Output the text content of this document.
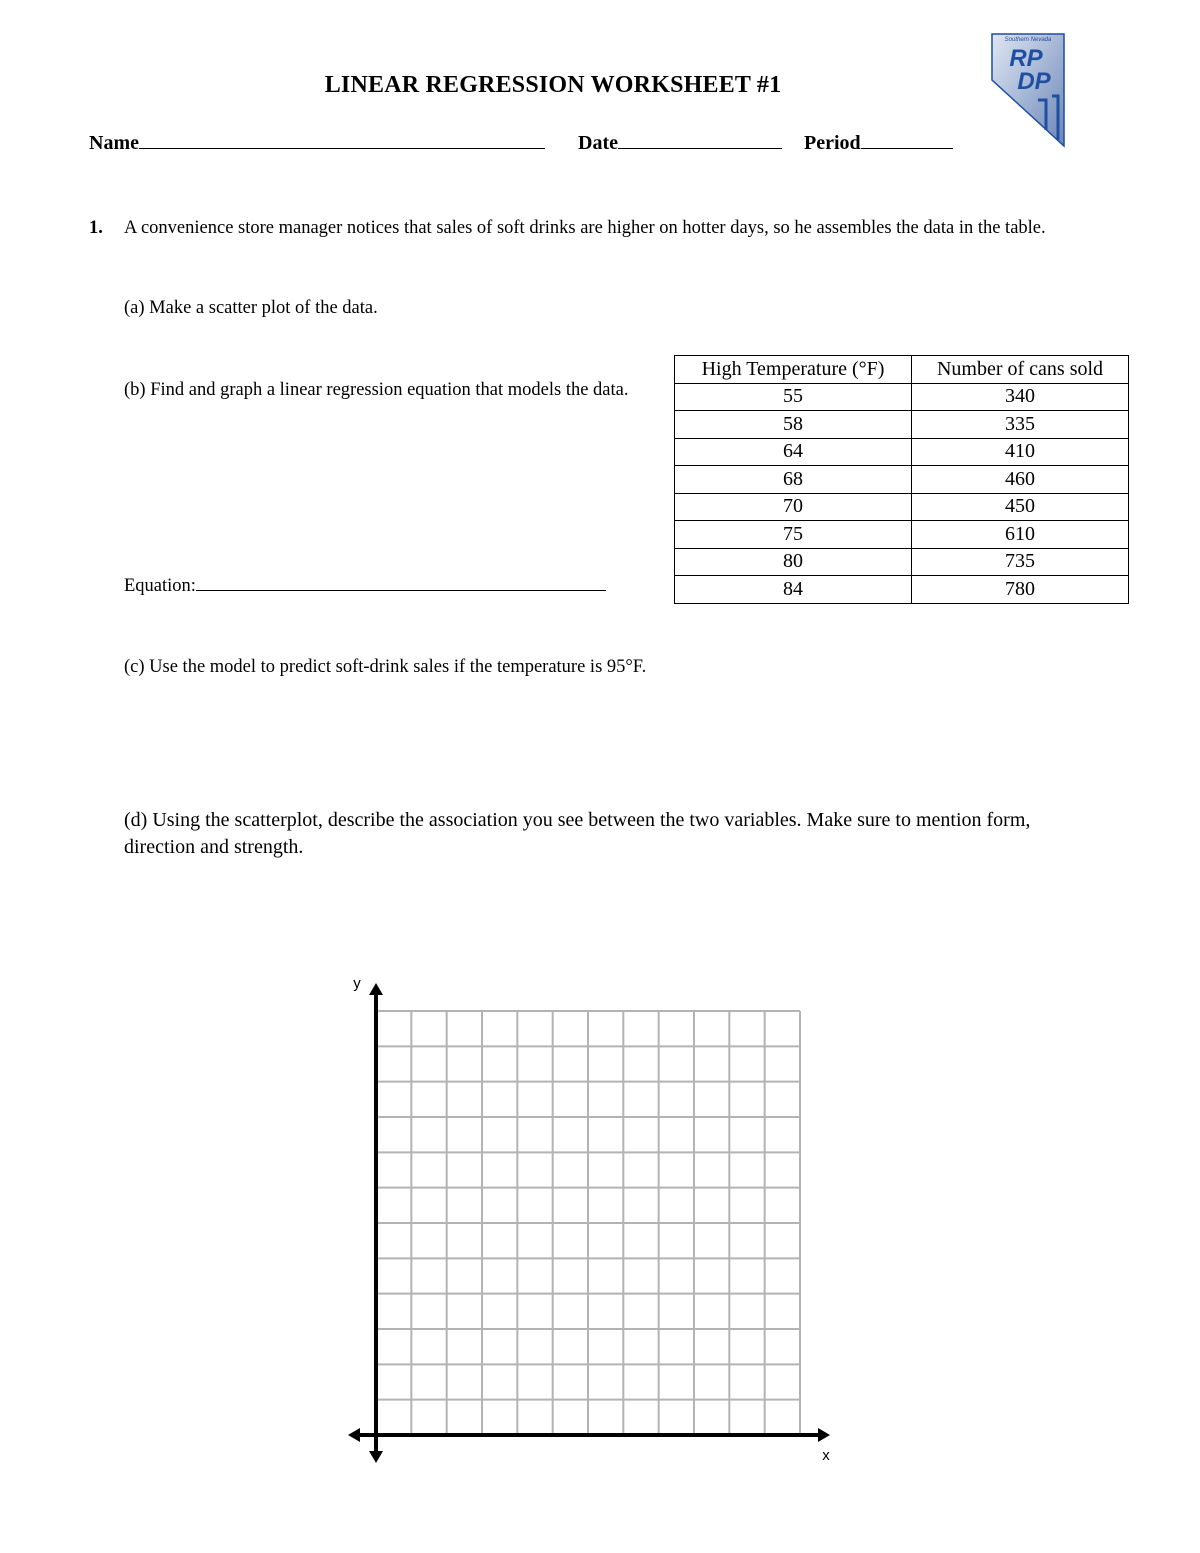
LINEAR REGRESSION WORKSHEET #1
Southern Nevada
RP
DP
Name	Date	Period
1. A convenience store manager notices that sales of soft drinks are higher on hotter days, so he assembles the data in the table.
(a) Make a scatter plot of the data.
(b) Find and graph a linear regression equation that models the data.
Equation:
(c) Use the model to predict soft-drink sales if the temperature is 95°F.
(d) Using the scatterplot, describe the association you see between the two variables. Make sure to mention form, direction and strength.
High Temperature (°F)	Number of cans sold
55	340
58	335
64	410
68	460
70	450
75	610
80	735
84	780
y
x
